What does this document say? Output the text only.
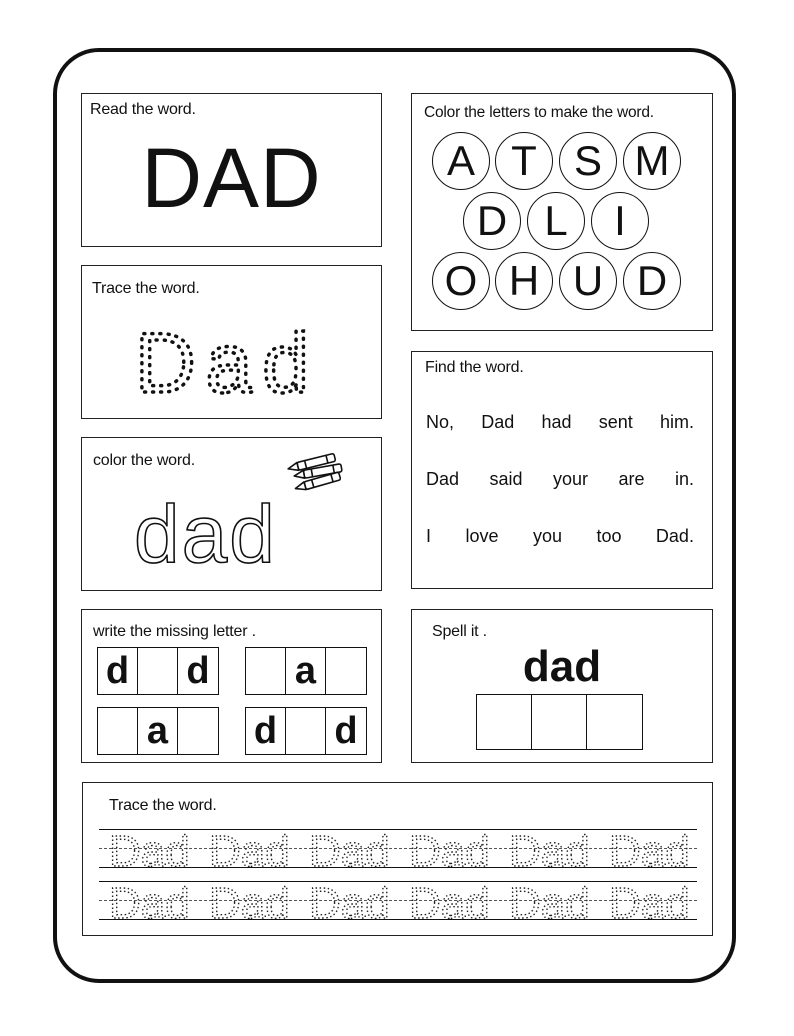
Read the word.
DAD
Color the letters to make the word.
A T S M
D L	I
O H U D
Trace the word.
Dad	Find the word.
No, Dad had sent him.
Dad said your are in.
I love you too Dad.
color the word.
dad
write the missing letter .
d d a
a d d
Spell it .
dad
Trace the word.
Dad Dad Dad Dad Dad Dad
Dad Dad Dad Dad Dad Dad
